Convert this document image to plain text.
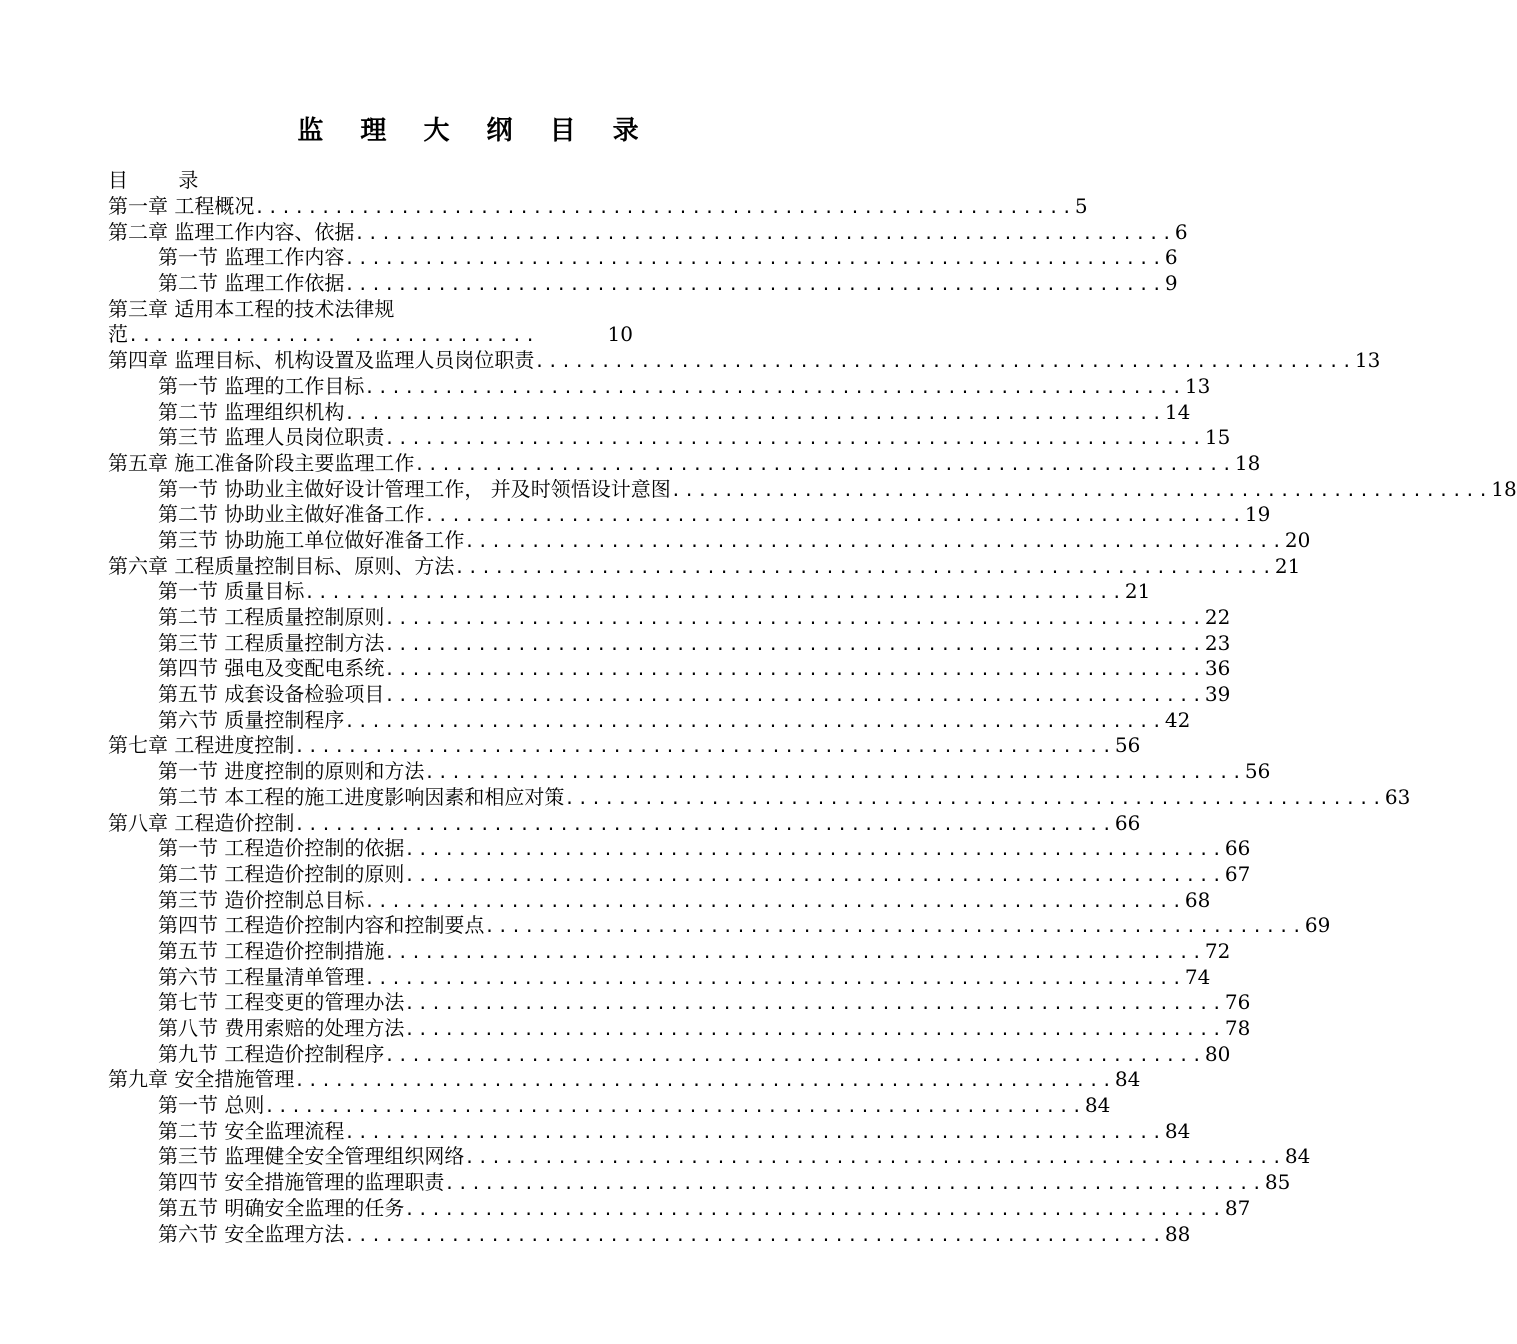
监 理 大 纲 目 录
目 录
第一章 工程概况 .............................................................. 5
第二章 监理工作内容、依据 .............................................................. 6
第一节 监理工作内容 .............................................................. 6
第二节 监理工作依据 .............................................................. 9
第三章 适用本工程的技术法律规
范 ................ ..............	10
第四章 监理目标、机构设置及监理人员岗位职责 .............................................................. 13
第一节 监理的工作目标 .............................................................. 13
第二节 监理组织机构 .............................................................. 14
第三节 监理人员岗位职责 .............................................................. 15
第五章 施工准备阶段主要监理工作 .............................................................. 18
第一节 协助业主做好设计管理工作， 并及时领悟设计意图 .............................................................. 18
第二节 协助业主做好准备工作 .............................................................. 19
第三节 协助施工单位做好准备工作 .............................................................. 20
第六章 工程质量控制目标、原则、方法 .............................................................. 21
第一节 质量目标 .............................................................. 21
第二节 工程质量控制原则 .............................................................. 22
第三节 工程质量控制方法 .............................................................. 23
第四节 强电及变配电系统 .............................................................. 36
第五节 成套设备检验项目 .............................................................. 39
第六节 质量控制程序 .............................................................. 42
第七章 工程进度控制 .............................................................. 56
第一节 进度控制的原则和方法 .............................................................. 56
第二节 本工程的施工进度影响因素和相应对策 .............................................................. 63
第八章 工程造价控制 .............................................................. 66
第一节 工程造价控制的依据 .............................................................. 66
第二节 工程造价控制的原则 .............................................................. 67
第三节 造价控制总目标 .............................................................. 68
第四节 工程造价控制内容和控制要点 .............................................................. 69
第五节 工程造价控制措施 .............................................................. 72
第六节 工程量清单管理 .............................................................. 74
第七节 工程变更的管理办法 .............................................................. 76
第八节 费用索赔的处理方法 .............................................................. 78
第九节 工程造价控制程序 .............................................................. 80
第九章 安全措施管理 .............................................................. 84
第一节 总则 .............................................................. 84
第二节 安全监理流程 .............................................................. 84
第三节 监理健全安全管理组织网络 .............................................................. 84
第四节 安全措施管理的监理职责 .............................................................. 85
第五节 明确安全监理的任务 .............................................................. 87
第六节 安全监理方法 .............................................................. 88
